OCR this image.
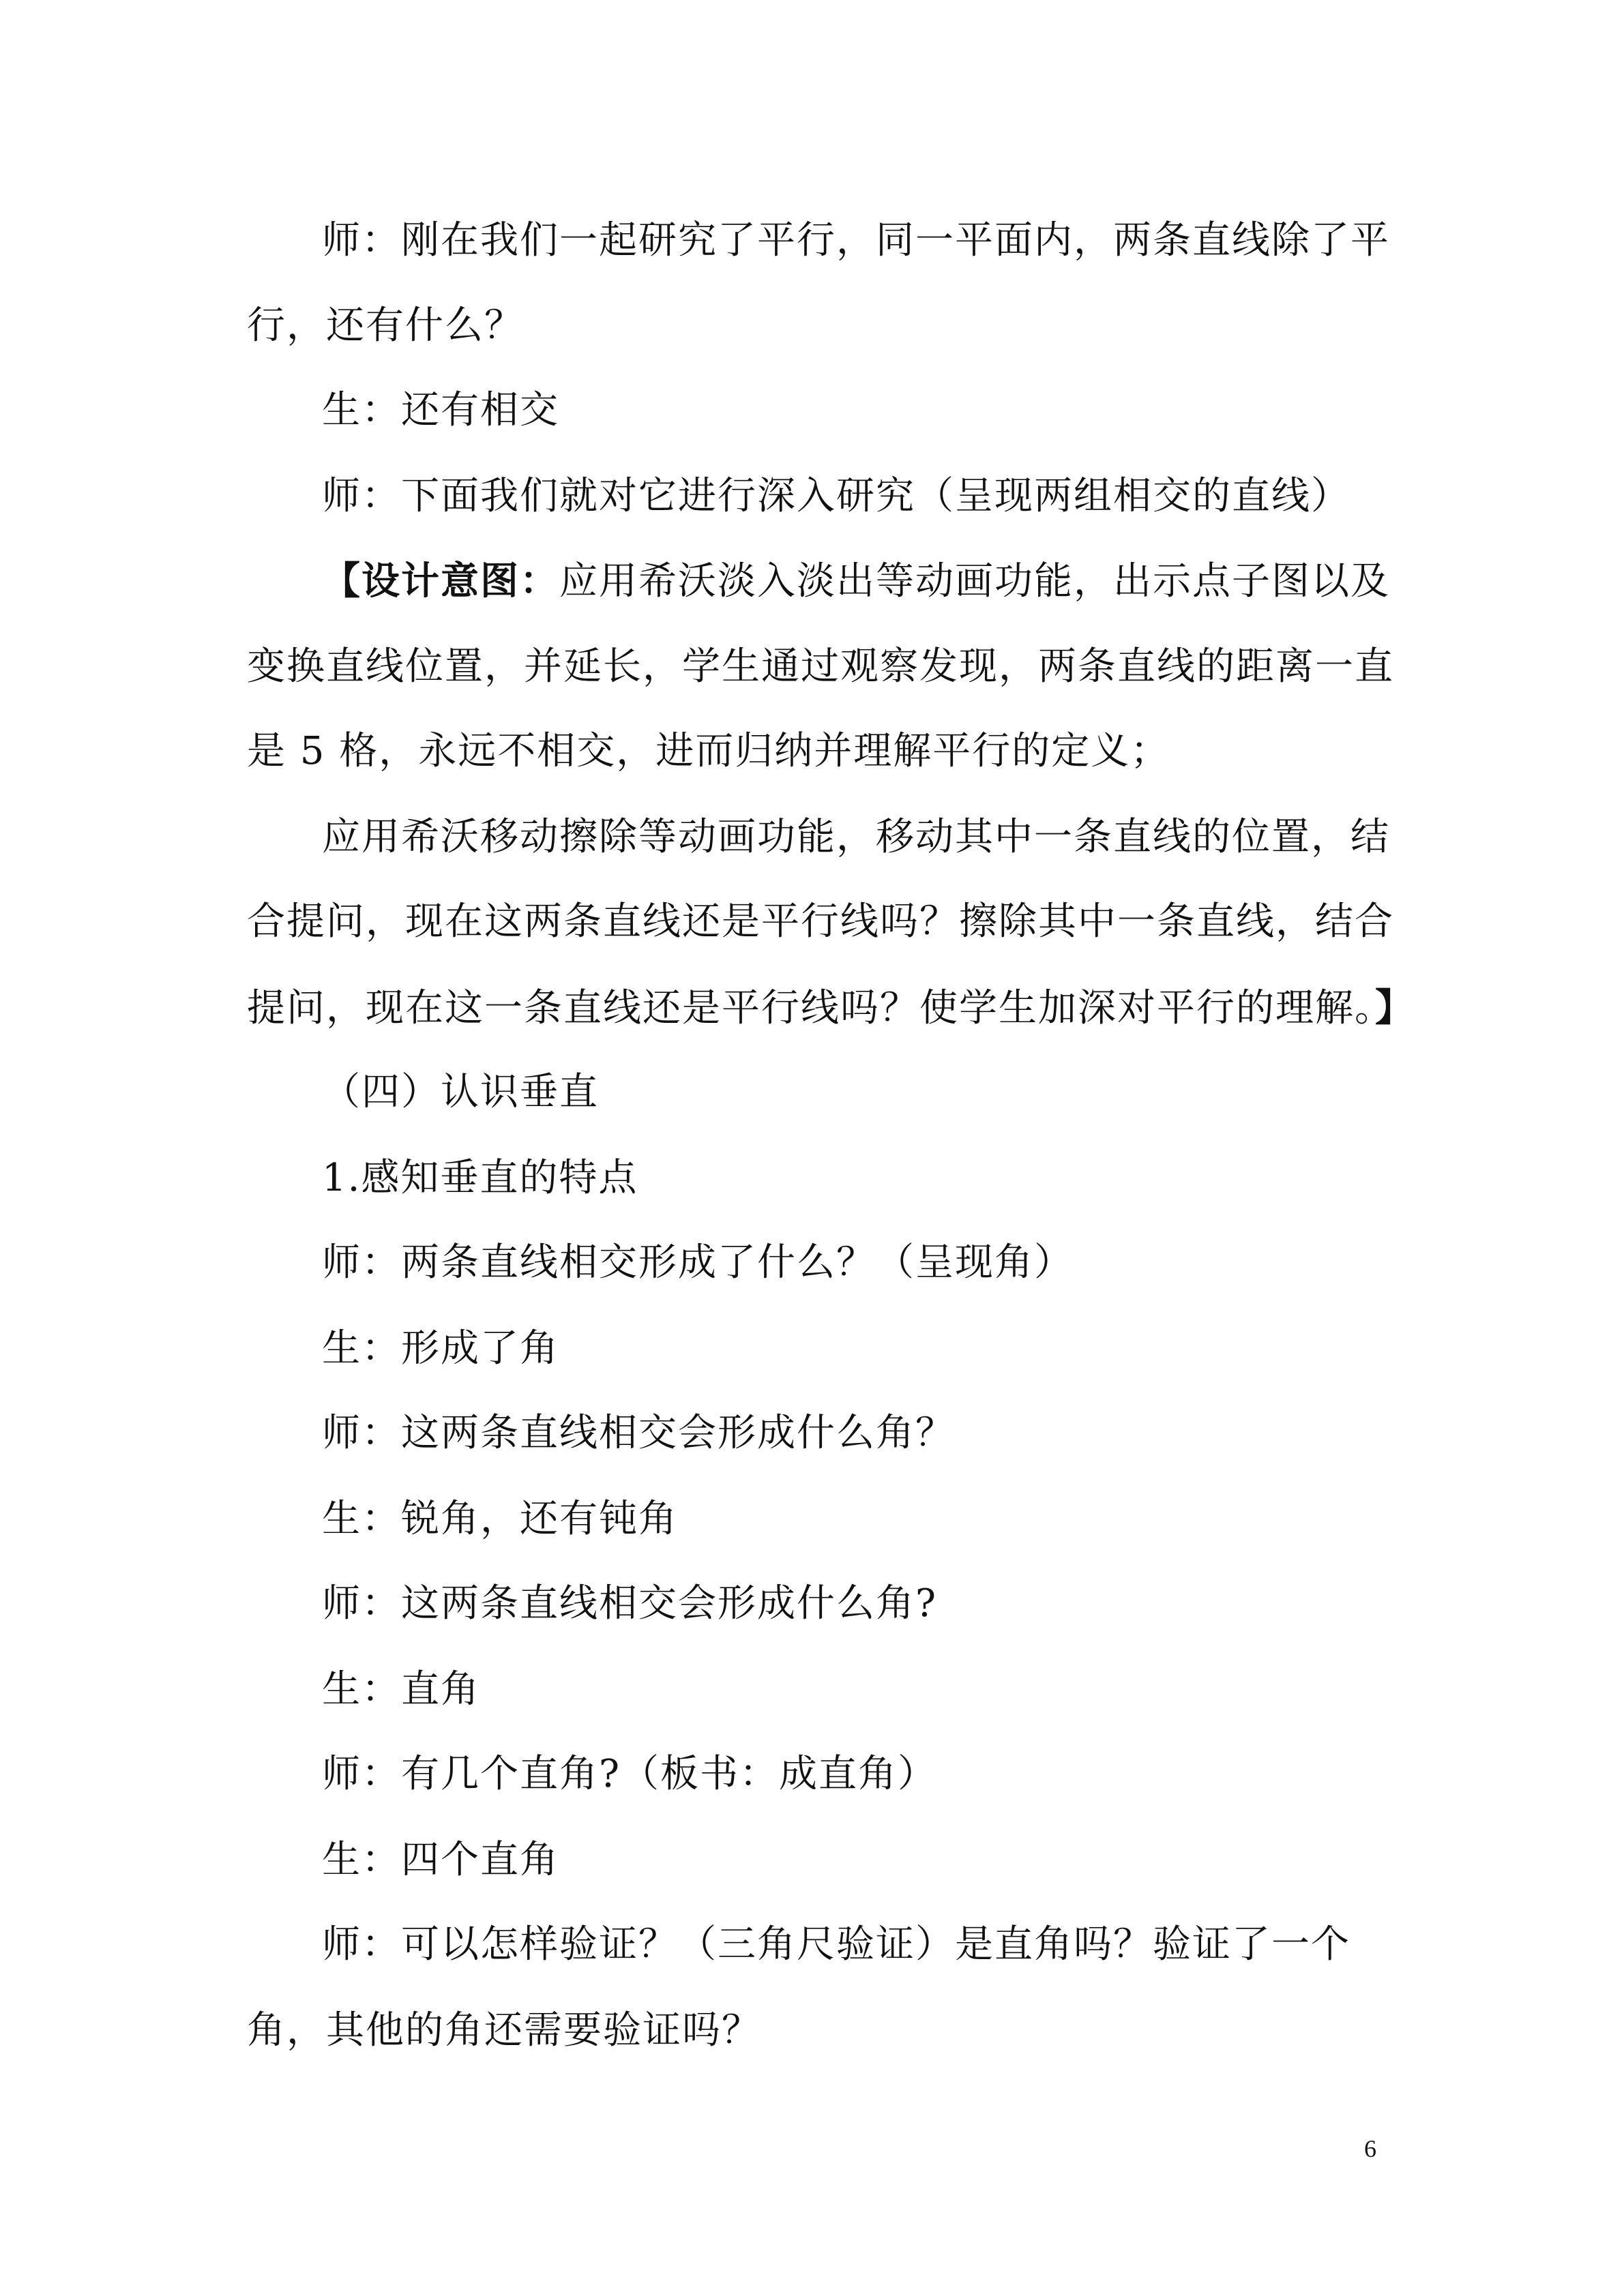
师：刚在我们一起研究了平行，同一平面内，两条直线除了平
行，还有什么？
生：还有相交
师：下面我们就对它进行深入研究（呈现两组相交的直线）
【设计意图：应用希沃淡入淡出等动画功能，出示点子图以及
变换直线位置，并延长，学生通过观察发现，两条直线的距离一直
是 5 格，永远不相交，进而归纳并理解平行的定义；
应用希沃移动擦除等动画功能，移动其中一条直线的位置，结
合提问，现在这两条直线还是平行线吗？擦除其中一条直线，结合
提问，现在这一条直线还是平行线吗？使学生加深对平行的理解。】
（四）认识垂直
1.感知垂直的特点
师：两条直线相交形成了什么？（呈现角）
生：形成了角
师：这两条直线相交会形成什么角？
生：锐角，还有钝角
师：这两条直线相交会形成什么角?
生：直角
师：有几个直角?（板书：成直角）
生：四个直角
师：可以怎样验证？（三角尺验证）是直角吗？验证了一个
角，其他的角还需要验证吗？
6
